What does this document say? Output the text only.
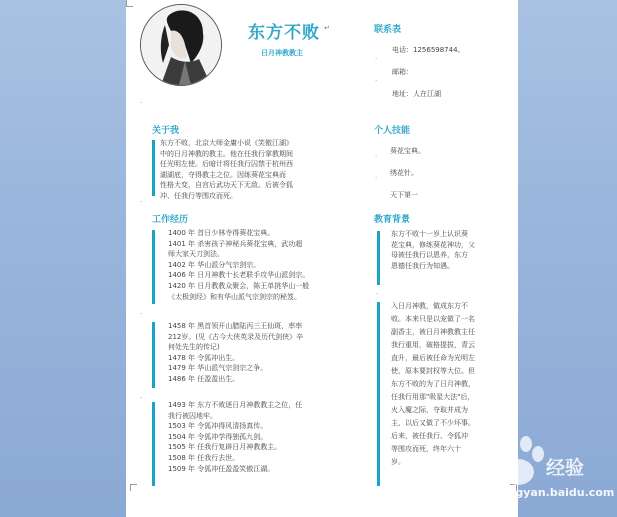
东方不败 ↵
日月神教教主
联系表
电话：1256598744。
邮箱：
地址：人在江湖
·
·
·
关于我
东方不败，北京大师金庸小说《笑傲江湖》
中的日月神教的教主。他在任我行掌教期间
任光明左使。后暗计将任我行囚禁于杭州西
湖湖底，夺得教主之位。因练葵花宝典而
性格大变，自宫后武功天下无敌。后被令狐
冲、任我行等围攻而死。
个人技能
葵花宝典。
绣花针。
天下第一
·
·
·
工作经历
1400 年 首日少林寺得葵花宝典。
1401 年 杀害孩子神秘兵葵花宝典，武功超
师大家天刀剑法。
1402 年 华山派分气宗剑宗。
1406 年 日月神教十长老联手攻华山派剑宗。
1420 年 日月教教众聚会，陈王单挑华山一般
《太极剑经》和有华山派气宗剑宗的秘笈。
·
1458 年 黑首领开山腊陆丙三王仙斑，率率
212岁。(见《古今大侠英录及历代剑侠》辛
何处先生的传记)
1478 年 令狐冲出生。
1479 年 华山派气宗剑宗之争。
1486 年 任盈盈出生。
·
1493 年 东方不败逐日月神教教主之位，任
我行被囚地牢。
1503 年 令狐冲得风清扬真传。
1504 年 令狐冲学得独孤九剑。
1505 年 任我行复辟日月神教教主。
1508 年 任我行去世。
1509 年 令狐冲任盈盈笑傲江湖。
教育背景
东方不败十一岁上认识葵
花宝典，修练葵花神功，父
母被任我行以恩养，东方
恩德任我行为知遇。
·
入日月神教，做成东方不
败。本来只是以宠做了一名
副香主，被日月神教教主任
我行重用，破格提拔，青云
直升，最后被任命为光明左
使，原本要封权等大位。但
东方不败的为了日月神教，
任我行用那"吸星大法"后，
火入魔之际，夺取并成为
主，以后又做了不少坏事。
后来，被任我行、令狐冲
等围攻而死，终年六十
岁。	经验
jingyan.baidu.com
